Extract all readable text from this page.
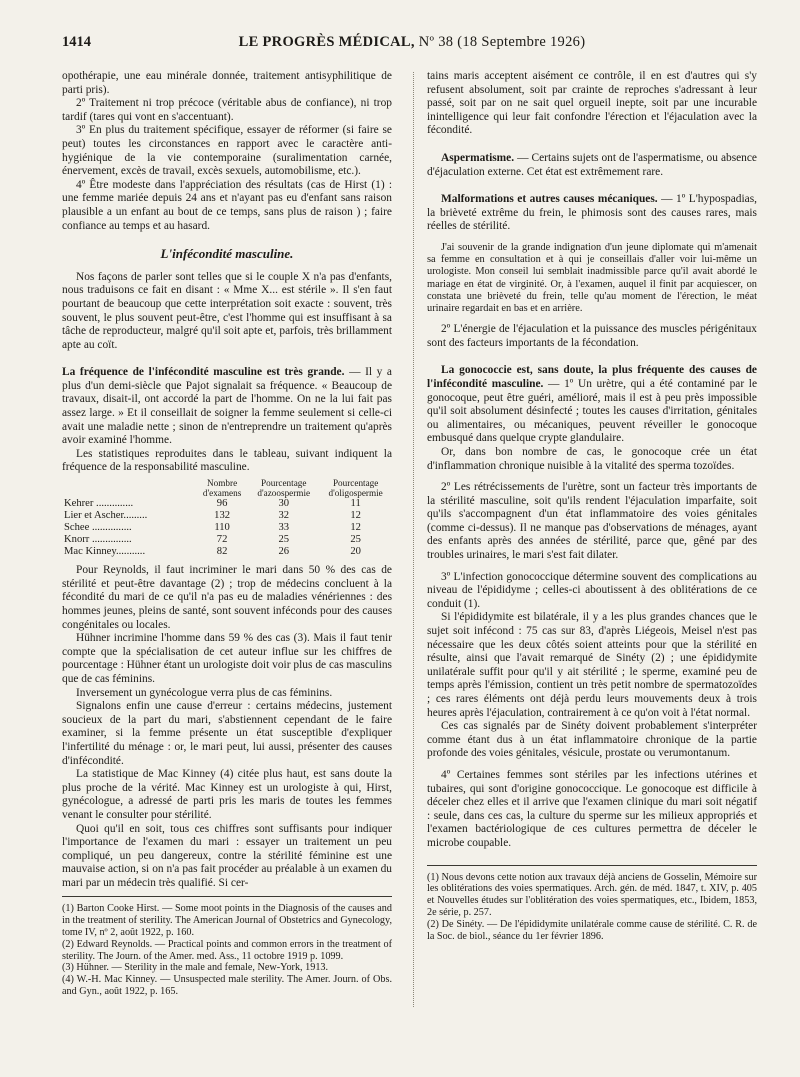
1414	LE PROGRÈS MÉDICAL, Nº 38 (18 Septembre 1926)

opothérapie, une eau minérale donnée, traitement antisyphilitique de parti pris).

2º Traitement ni trop précoce (véritable abus de confiance), ni trop tardif (tares qui vont en s'accentuant).

3º En plus du traitement spécifique, essayer de réformer (si faire se peut) toutes les circonstances en rapport avec le caractère anti-hygiénique de la vie contemporaine (suralimentation carnée, énervement, excès de travail, excès sexuels, automobilisme, etc.).

4º Être modeste dans l'appréciation des résultats (cas de Hirst (1) : une femme mariée depuis 24 ans et n'ayant pas eu d'enfant sans raison plausible a un enfant au bout de ce temps, sans plus de raison ) ; faire confiance au temps et au hasard.

L'infécondité masculine.

Nos façons de parler sont telles que si le couple X n'a pas d'enfants, nous traduisons ce fait en disant : « Mme X... est stérile ». Il s'en faut pourtant de beaucoup que cette interprétation soit exacte : souvent, très souvent, le plus souvent peut-être, c'est l'homme qui est insuffisant à sa tâche de reproducteur, malgré qu'il soit apte et, parfois, très brillamment apte au coït.

La fréquence de l'infécondité masculine est très grande. — Il y a plus d'un demi-siècle que Pajot signalait sa fréquence. « Beaucoup de travaux, disait-il, ont accordé la part de l'homme. On ne la lui fait pas assez large. » Et il conseillait de soigner la femme seulement si celle-ci avait une maladie nette ; sinon de n'entreprendre un traitement qu'après avoir examiné l'homme.

Les statistiques reproduites dans le tableau, suivant indiquent la fréquence de la responsabilité masculine.

	Nombre d'examens	Pourcentage d'azoospermie	Pourcentage d'oligospermie
Kehrer ..............	96	30	11
Lier et Ascher.........	132	32	12
Schee ...............	110	33	12
Knorr ...............	72	25	25
Mac Kinney...........	82	26	20

Pour Reynolds, il faut incriminer le mari dans 50 % des cas de stérilité et peut-être davantage (2) ; trop de médecins concluent à la fécondité du mari de ce qu'il n'a pas eu de maladies vénériennes : des hommes jeunes, pleins de santé, sont souvent inféconds pour des causes congénitales ou locales.

Hühner incrimine l'homme dans 59 % des cas (3). Mais il faut tenir compte que la spécialisation de cet auteur influe sur les chiffres de pourcentage : Hühner étant un urologiste doit voir plus de cas masculins que de cas féminins.

Inversement un gynécologue verra plus de cas féminins.

Signalons enfin une cause d'erreur : certains médecins, justement soucieux de la part du mari, s'abstiennent cependant de le faire examiner, si la femme présente un état susceptible d'expliquer l'infertilité du ménage : or, le mari peut, lui aussi, présenter des causes d'infécondité.

La statistique de Mac Kinney (4) citée plus haut, est sans doute la plus proche de la vérité. Mac Kinney est un urologiste à qui, Hirst, gynécologue, a adressé de parti pris les maris de toutes les femmes venant le consulter pour stérilité.

Quoi qu'il en soit, tous ces chiffres sont suffisants pour indiquer l'importance de l'examen du mari : essayer un traitement un peu compliqué, un peu dangereux, contre la stérilité féminine est une mauvaise action, si on n'a pas fait procéder au préalable à un examen du mari par un médecin très qualifié. Si cer-

(1) Barton Cooke Hirst. — Some moot points in the Diagnosis of the causes and in the treatment of sterility. The American Journal of Obstetrics and Gynecology, tome IV, nº 2, août 1922, p. 160.

(2) Edward Reynolds. — Practical points and common errors in the treatment of sterility. The Journ. of the Amer. med. Ass., 11 octobre 1919 p. 1099.

(3) Hühner. — Sterility in the male and female, New-York, 1913.

(4) W.-H. Mac Kinney. — Unsuspected male sterility. The Amer. Journ. of Obs. and Gyn., août 1922, p. 165.

tains maris acceptent aisément ce contrôle, il en est d'autres qui s'y refusent absolument, soit par crainte de reproches s'adressant à leur passé, soit par on ne sait quel orgueil inepte, soit par une incurable inintelligence qui leur fait confondre l'érection et l'éjaculation avec la fécondité.

Aspermatisme. — Certains sujets ont de l'aspermatisme, ou absence d'éjaculation externe. Cet état est extrêmement rare.

Malformations et autres causes mécaniques. — 1º L'hypospadias, la brièveté extrême du frein, le phimosis sont des causes rares, mais réelles de stérilité.

J'ai souvenir de la grande indignation d'un jeune diplomate qui m'amenait sa femme en consultation et à qui je conseillais d'aller voir lui-même un urologiste. Mon conseil lui semblait inadmissible parce qu'il avait abordé le mariage en état de virginité. Or, à l'examen, auquel il finit par acquiescer, on constata une brièveté du frein, telle qu'au moment de l'érection, le méat urinaire regardait en bas et en arrière.

2º L'énergie de l'éjaculation et la puissance des muscles périgénitaux sont des facteurs importants de la fécondation.

La gonococcie est, sans doute, la plus fréquente des causes de l'infécondité masculine. — 1º Un urètre, qui a été contaminé par le gonocoque, peut être guéri, amélioré, mais il est à peu près impossible qu'il soit absolument désinfecté ; toutes les causes d'irritation, génitales ou alimentaires, ou mécaniques, peuvent réveiller le gonocoque embusqué dans quelque crypte glandulaire.

Or, dans bon nombre de cas, le gonocoque crée un état d'inflammation chronique nuisible à la vitalité des sperma tozoïdes.

2º Les rétrécissements de l'urètre, sont un facteur très importants de la stérilité masculine, soit qu'ils rendent l'éjaculation imparfaite, soit qu'ils s'accompagnent d'un état inflammatoire des voies génitales (comme ci-dessus). Il ne manque pas d'observations de ménages, ayant des enfants après des années de stérilité, parce que, gêné par des troubles urinaires, le mari s'est fait dilater.

3º L'infection gonococcique détermine souvent des complications au niveau de l'épididyme ; celles-ci aboutissent à des oblitérations de ce conduit (1).

Si l'épididymite est bilatérale, il y a les plus grandes chances que le sujet soit infécond : 75 cas sur 83, d'après Liégeois, Meisel n'est pas nécessaire que les deux côtés soient atteints pour que la stérilité en résulte, ainsi que l'avait remarqué de Sinéty (2) ; une épididymite unilatérale suffit pour qu'il y ait stérilité ; le sperme, examiné peu de temps après l'émission, contient un très petit nombre de spermatozoïdes ; ces rares éléments ont déjà perdu leurs mouvements deux à trois heures après l'éjaculation, contrairement à ce qu'on voit à l'état normal.

Ces cas signalés par de Sinéty doivent probablement s'interpréter comme étant dus à un état inflammatoire chronique de la partie profonde des voies génitales, vésicule, prostate ou verumontanum.

4º Certaines femmes sont stériles par les infections utérines et tubaires, qui sont d'origine gonococcique. Le gonocoque est difficile à déceler chez elles et il arrive que l'examen clinique du mari soit négatif : seule, dans ces cas, la culture du sperme sur les milieux appropriés et l'examen bactériologique de ces cultures permettra de déceler le microbe coupable.

(1) Nous devons cette notion aux travaux déjà anciens de Gosselin, Mémoire sur les oblitérations des voies spermatiques. Arch. gén. de méd. 1847, t. XIV, p. 405 et Nouvelles études sur l'oblitération des voies spermatiques, etc., Ibidem, 1853, 2e série, p. 257.

(2) De Sinéty. — De l'épididymite unilatérale comme cause de stérilité. C. R. de la Soc. de biol., séance du 1er février 1896.
